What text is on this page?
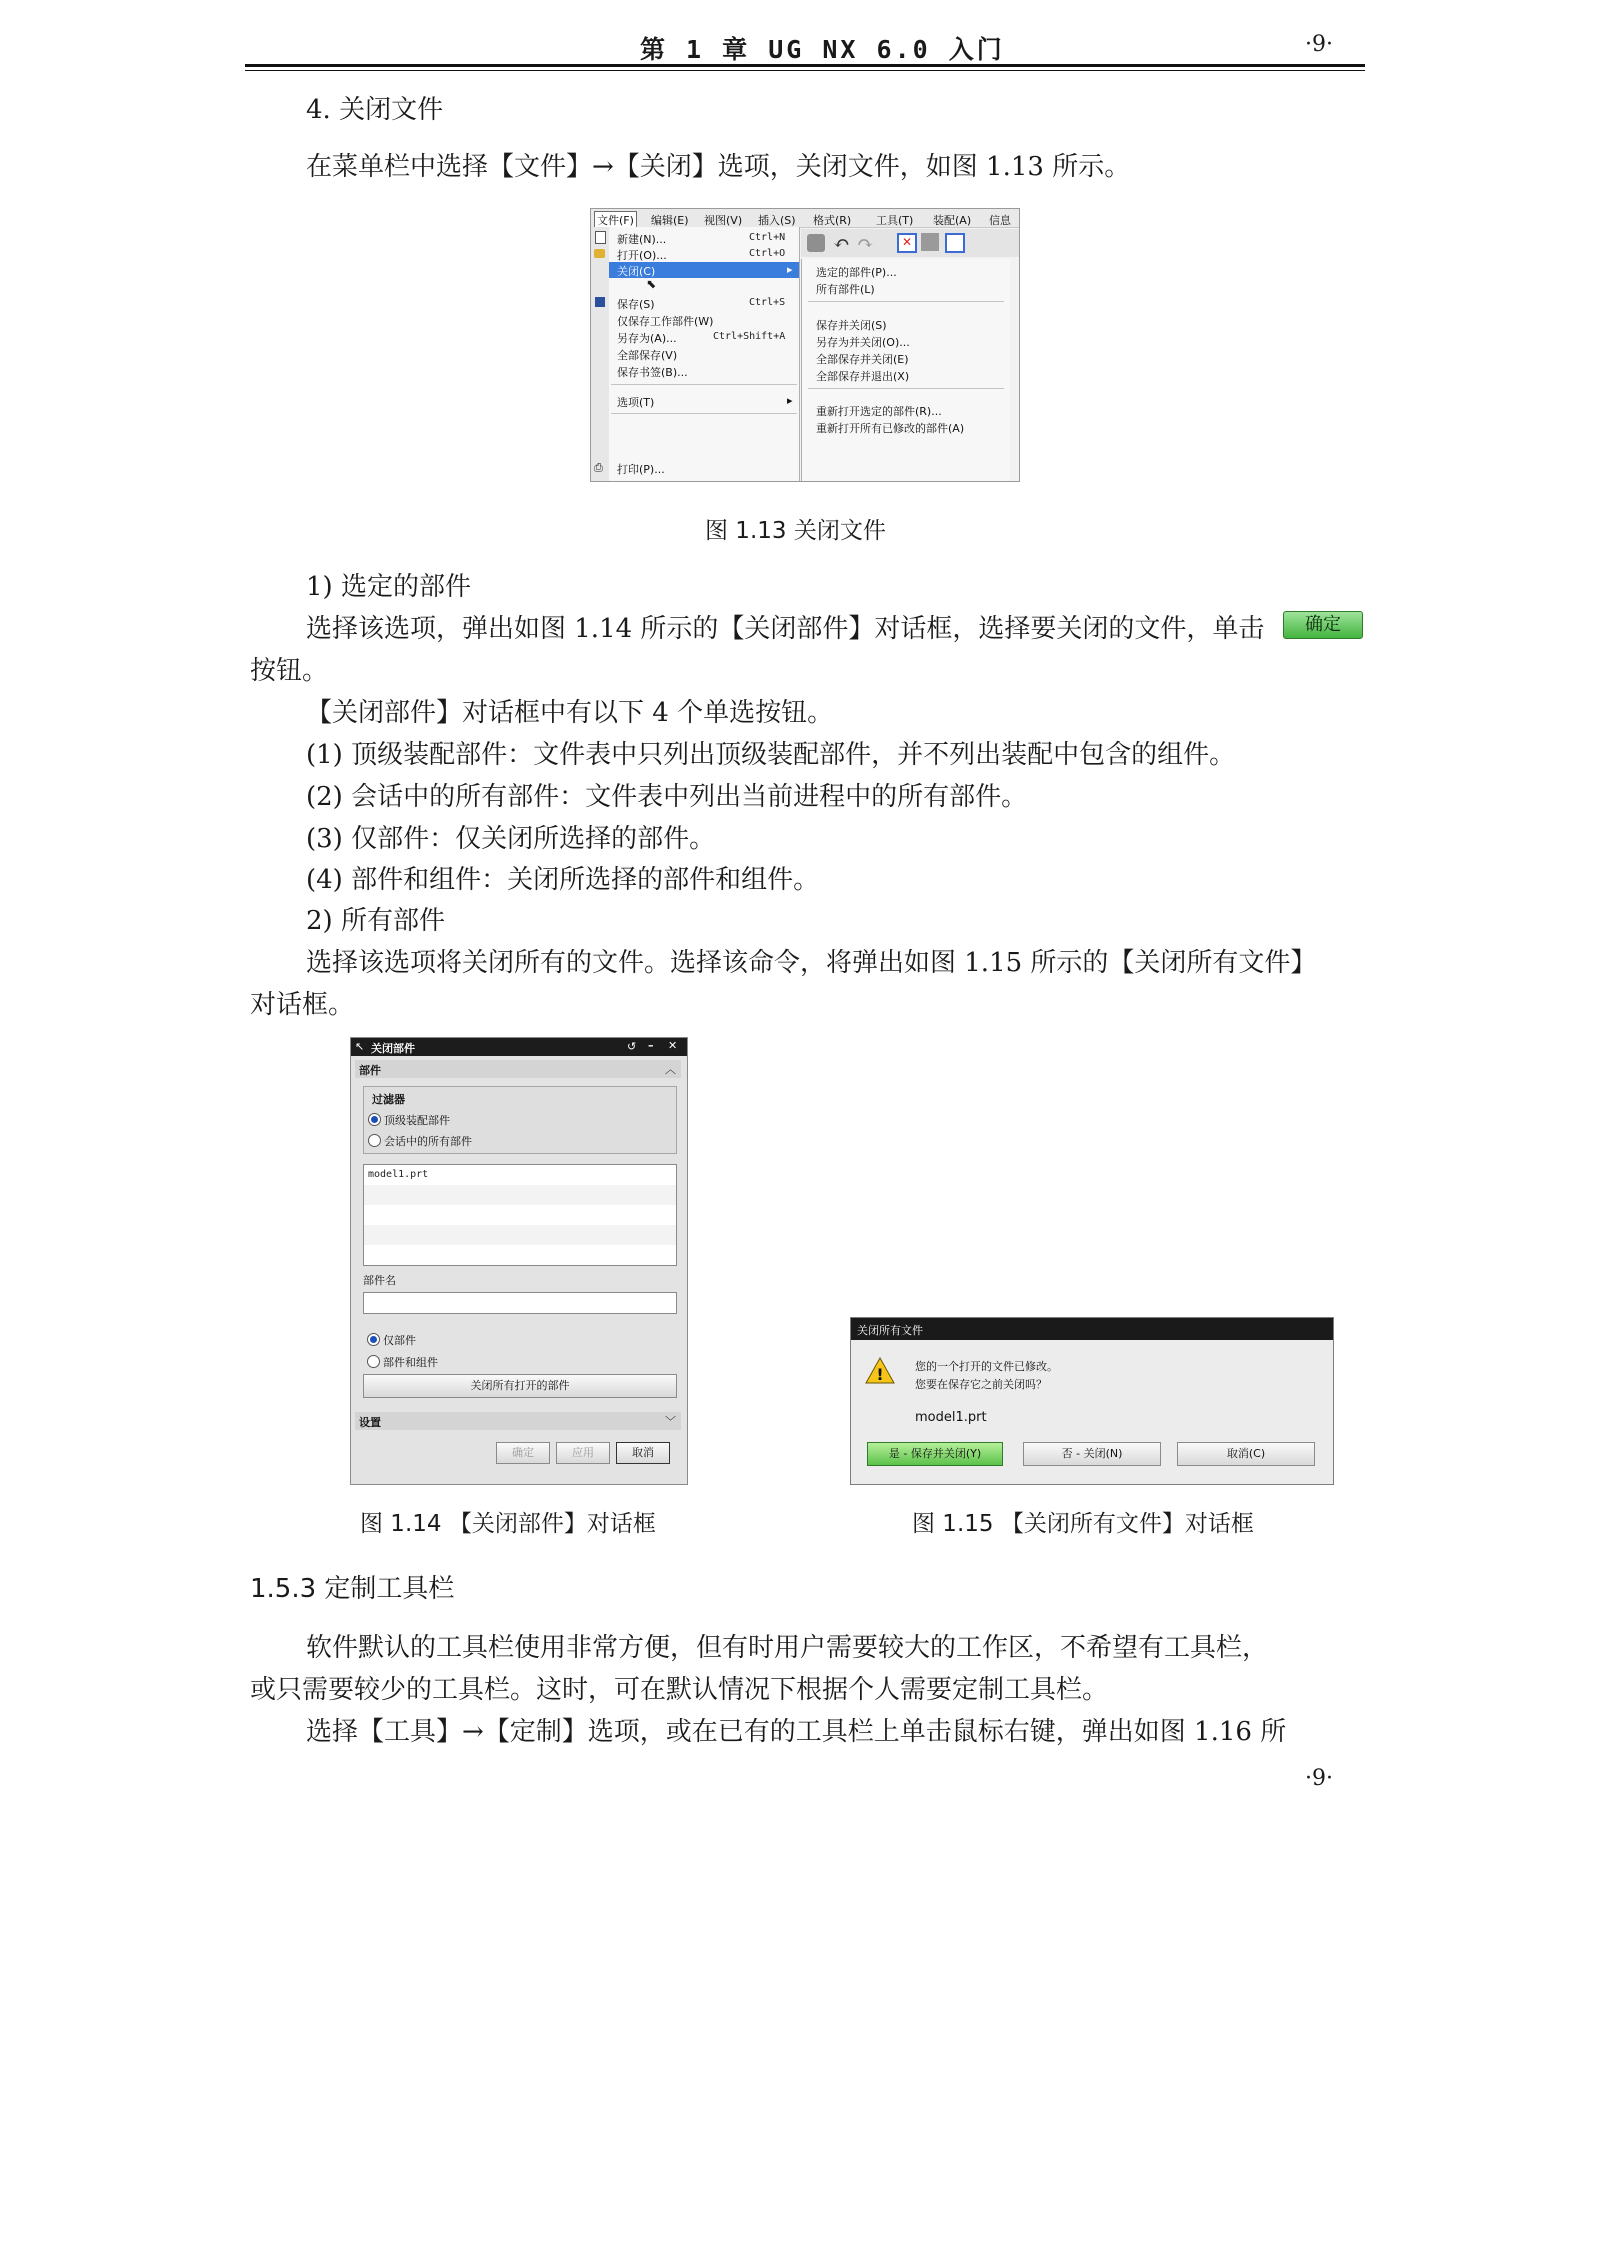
第 1 章 UG NX 6.0 入门	·9·
4. 关闭文件
在菜单栏中选择【文件】→【关闭】选项，关闭文件，如图 1.13 所示。
文件(F) 编辑(E) 视图(V) 插入(S) 格式(R) 工具(T) 装配(A) 信息
↶ ↷	✕
新建(N)...	Ctrl+N
打开(O)...	Ctrl+O
关闭(C)	▸
⬉
保存(S)	Ctrl+S
仅保存工作部件(W)
另存为(A)...	Ctrl+Shift+A
全部保存(V)
保存书签(B)...
选项(T)	▸
⎙ 打印(P)...
选定的部件(P)...
所有部件(L)
保存并关闭(S)
另存为并关闭(O)...
全部保存并关闭(E)
全部保存并退出(X)
重新打开选定的部件(R)...
重新打开所有已修改的部件(A)
图 1.13 关闭文件
1) 选定的部件
选择该选项，弹出如图 1.14 所示的【关闭部件】对话框，选择要关闭的文件，单击	确定
按钮。
【关闭部件】对话框中有以下 4 个单选按钮。
(1) 顶级装配部件：文件表中只列出顶级装配部件，并不列出装配中包含的组件。
(2) 会话中的所有部件：文件表中列出当前进程中的所有部件。
(3) 仅部件：仅关闭所选择的部件。
(4) 部件和组件：关闭所选择的部件和组件。
2) 所有部件
选择该选项将关闭所有的文件。选择该命令，将弹出如图 1.15 所示的【关闭所有文件】
对话框。
↖ 关闭部件	↺ – ✕
部件	︿
过滤器
顶级装配部件
会话中的所有部件
model1.prt
部件名
仅部件
部件和组件
关闭所有打开的部件
设置	﹀
确定	应用	取消
图 1.14 【关闭部件】对话框
关闭所有文件
!	您的一个打开的文件已修改。
您要在保存它之前关闭吗？
model1.prt
是 - 保存并关闭(Y)	否 - 关闭(N)	取消(C)
图 1.15 【关闭所有文件】对话框
1.5.3 定制工具栏
软件默认的工具栏使用非常方便，但有时用户需要较大的工作区，不希望有工具栏，
或只需要较少的工具栏。这时，可在默认情况下根据个人需要定制工具栏。
选择【工具】→【定制】选项，或在已有的工具栏上单击鼠标右键，弹出如图 1.16 所
·9·
